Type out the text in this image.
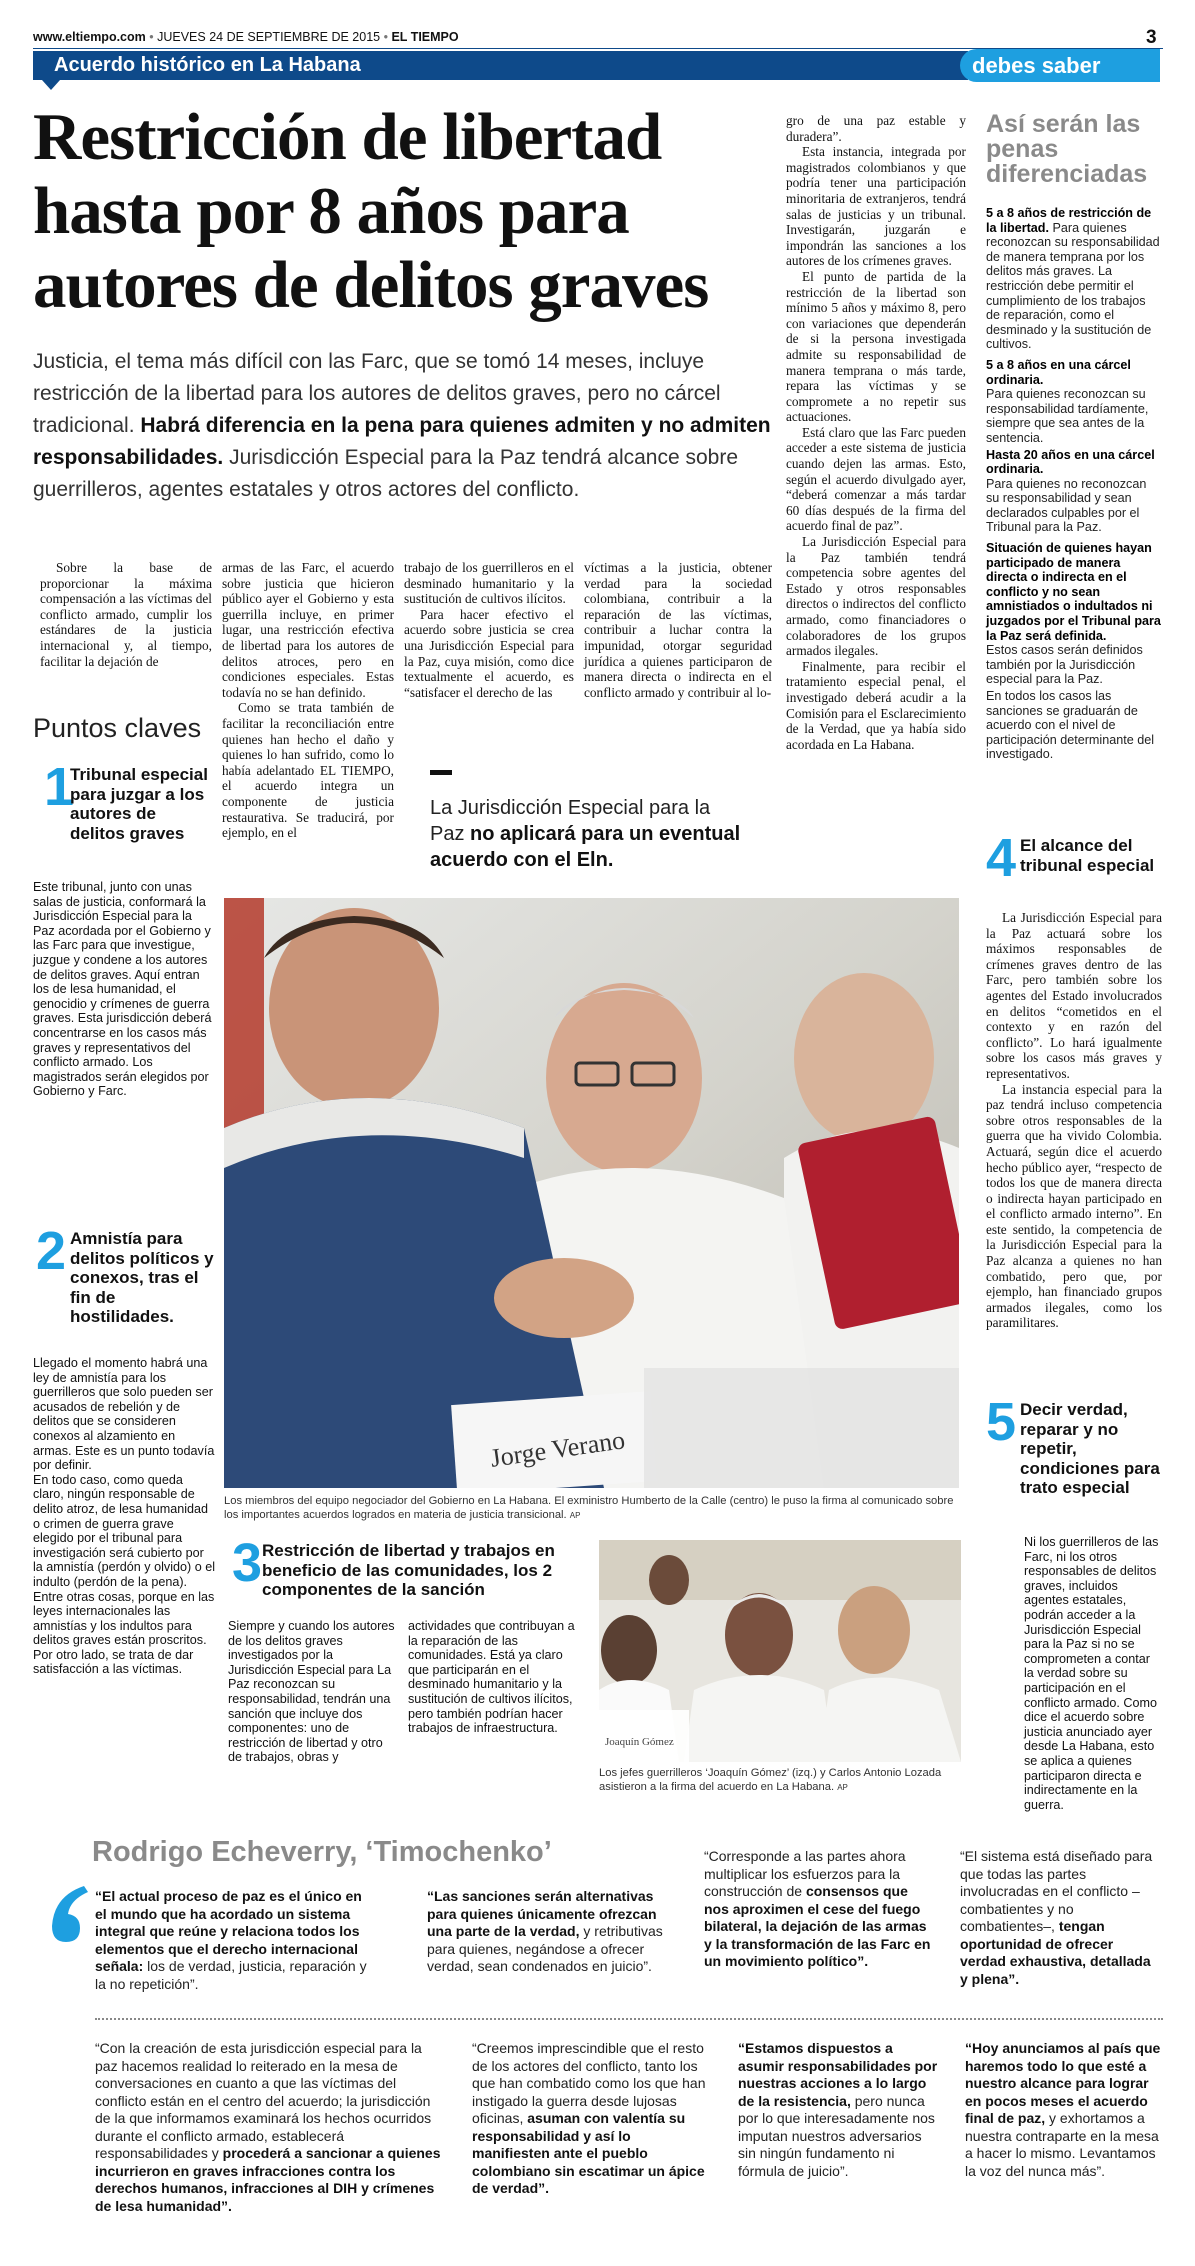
www.eltiempo.com • JUEVES 24 DE SEPTIEMBRE DE 2015 • EL TIEMPO	3
Acuerdo histórico en La Habana	debes saber
Restricción de libertad
hasta por 8 años para
autores de delitos graves
Justicia, el tema más difícil con las Farc, que se tomó 14 meses, incluye restricción de la libertad para los autores de delitos graves, pero no cárcel tradicional. Habrá diferencia en la pena para quienes admiten y no admiten responsabilidades. Jurisdicción Especial para la Paz tendrá alcance sobre guerrilleros, agentes estatales y otros actores del conflicto.

Sobre la base de proporcionar la máxima compensación a las víctimas del conflicto armado, cumplir los estándares de la justicia internacional y, al tiempo, facilitar la dejación de

armas de las Farc, el acuerdo sobre justicia que hicieron público ayer el Gobierno y esta guerrilla incluye, en primer lugar, una restricción efectiva de libertad para los autores de delitos atroces, pero en condiciones especiales. Estas todavía no se han definido.

Como se trata también de facilitar la reconciliación entre quienes han hecho el daño y quienes lo han sufrido, como lo había adelantado EL TIEMPO, el acuerdo integra un componente de justicia restaurativa. Se traducirá, por ejemplo, en el

trabajo de los guerrilleros en el desminado humanitario y la sustitución de cultivos ilícitos.

Para hacer efectivo el acuerdo sobre justicia se crea una Jurisdicción Especial para la Paz, cuya misión, como dice textualmente el acuerdo, es “satisfacer el derecho de las

víctimas a la justicia, obtener verdad para la sociedad colombiana, contribuir a la reparación de las víctimas, contribuir a luchar contra la impunidad, otorgar seguridad jurídica a quienes participaron de manera directa o indirecta en el conflicto armado y contribuir al lo-

gro de una paz estable y duradera”.

Esta instancia, integrada por magistrados colombianos y que podría tener una participación minoritaria de extranjeros, tendrá salas de justicias y un tribunal. Investigarán, juzgarán e impondrán las sanciones a los autores de los crímenes graves.

El punto de partida de la restricción de la libertad son mínimo 5 años y máximo 8, pero con variaciones que dependerán de si la persona investigada admite su responsabilidad de manera temprana o más tarde, repara las víctimas y se compromete a no repetir sus actuaciones.

Está claro que las Farc pueden acceder a este sistema de justicia cuando dejen las armas. Esto, según el acuerdo divulgado ayer, “deberá comenzar a más tardar 60 días después de la firma del acuerdo final de paz”.

La Jurisdicción Especial para la Paz también tendrá competencia sobre agentes del Estado y otros responsables directos o indirectos del conflicto armado, como financiadores o colaboradores de los grupos armados ilegales.

Finalmente, para recibir el tratamiento especial penal, el investigado deberá acudir a la Comisión para el Esclarecimiento de la Verdad, que ya había sido acordada en La Habana.

La Jurisdicción Especial para la Paz no aplicará para un eventual acuerdo con el Eln.
Puntos claves
1
Tribunal especial para juzgar a los autores de delitos graves

Este tribunal, junto con unas salas de justicia, conformará la Jurisdicción Especial para la Paz acordada por el Gobierno y las Farc para que investigue, juzgue y condene a los autores de delitos graves. Aquí entran los de lesa humanidad, el genocidio y crímenes de guerra graves. Esta jurisdicción deberá concentrarse en los casos más graves y representativos del conflicto armado. Los magistrados serán elegidos por Gobierno y Farc.

2 Amnistía para delitos políticos y conexos, tras el fin de hostilidades.

Llegado el momento habrá una ley de amnistía para los guerrilleros que solo pueden ser acusados de rebelión y de delitos que se consideren conexos al alzamiento en armas. Este es un punto todavía por definir.

En todo caso, como queda claro, ningún responsable de delito atroz, de lesa humanidad o crimen de guerra grave elegido por el tribunal para investigación será cubierto por la amnistía (perdón y olvido) o el indulto (perdón de la pena). Entre otras cosas, porque en las leyes internacionales las amnistías y los indultos para delitos graves están proscritos. Por otro lado, se trata de dar satisfacción a las víctimas.

Jorge Verano
Los miembros del equipo negociador del Gobierno en La Habana. El exministro Humberto de la Calle (centro) le puso la firma al comunicado sobre los importantes acuerdos logrados en materia de justicia transicional. AP
3 Restricción de libertad y trabajos en beneficio de las comunidades, los 2 componentes de la sanción

Siempre y cuando los autores de los delitos graves investigados por la Jurisdicción Especial para La Paz reconozcan su responsabilidad, tendrán una sanción que incluye dos componentes: uno de restricción de libertad y otro de trabajos, obras y

actividades que contribuyan a la reparación de las comunidades. Está ya claro que participarán en el desminado humanitario y la sustitución de cultivos ilícitos, pero también podrían hacer trabajos de infraestructura.

Joaquín Gómez
Los jefes guerrilleros ‘Joaquín Gómez’ (izq.) y Carlos Antonio Lozada asistieron a la firma del acuerdo en La Habana. AP
Así serán las penas diferenciadas

5 a 8 años de restricción de la libertad. Para quienes reconozcan su responsabilidad de manera temprana por los delitos más graves. La restricción debe permitir el cumplimiento de los trabajos de reparación, como el desminado y la sustitución de cultivos.

5 a 8 años en una cárcel ordinaria.
Para quienes reconozcan su responsabilidad tardíamente, siempre que sea antes de la sentencia.

Hasta 20 años en una cárcel ordinaria.
Para quienes no reconozcan su responsabilidad y sean declarados culpables por el Tribunal para la Paz.

Situación de quienes hayan participado de manera directa o indirecta en el conflicto y no sean amnistiados o indultados ni juzgados por el Tribunal para la Paz será definida.
Estos casos serán definidos también por la Jurisdicción especial para la Paz.

En todos los casos las sanciones se graduarán de acuerdo con el nivel de participación determinante del investigado.

4 El alcance del tribunal especial

La Jurisdicción Especial para la Paz actuará sobre los máximos responsables de crímenes graves dentro de las Farc, pero también sobre los agentes del Estado involucrados en delitos “cometidos en el contexto y en razón del conflicto”. Lo hará igualmente sobre los casos más graves y representativos.

La instancia especial para la paz tendrá incluso competencia sobre otros responsables de la guerra que ha vivido Colombia. Actuará, según dice el acuerdo hecho público ayer, “respecto de todos los que de manera directa o indirecta hayan participado en el conflicto armado interno”. En este sentido, la competencia de la Jurisdicción Especial para la Paz alcanza a quienes no han combatido, pero que, por ejemplo, han financiado grupos armados ilegales, como los paramilitares.

5 Decir verdad, reparar y no repetir, condiciones para trato especial

Ni los guerrilleros de las Farc, ni los otros responsables de delitos graves, incluidos agentes estatales, podrán acceder a la Jurisdicción Especial para la Paz si no se comprometen a contar la verdad sobre su participación en el conflicto armado. Como dice el acuerdo sobre justicia anunciado ayer desde La Habana, esto se aplica a quienes participaron directa e indirectamente en la guerra.

Rodrigo Echeverry, ‘Timochenko’
“El actual proceso de paz es el único en el mundo que ha acordado un sistema integral que reúne y relaciona todos los elementos que el derecho internacional señala: los de verdad, justicia, reparación y la no repetición”.
“Las sanciones serán alternativas para quienes únicamente ofrezcan una parte de la verdad, y retributivas para quienes, negándose a ofrecer verdad, sean condenados en juicio”.
“Corresponde a las partes ahora multiplicar los esfuerzos para la construcción de consensos que nos aproximen el cese del fuego bilateral, la dejación de las armas y la transformación de las Farc en un movimiento político”.
“El sistema está diseñado para que todas las partes involucradas en el conflicto –combatientes y no combatientes–, tengan oportunidad de ofrecer verdad exhaustiva, detallada y plena”.
“Con la creación de esta jurisdicción especial para la paz hacemos realidad lo reiterado en la mesa de conversaciones en cuanto a que las víctimas del conflicto están en el centro del acuerdo; la jurisdicción de la que informamos examinará los hechos ocurridos durante el conflicto armado, establecerá responsabilidades y procederá a sancionar a quienes incurrieron en graves infracciones contra los derechos humanos, infracciones al DIH y crímenes de lesa humanidad”.
“Creemos imprescindible que el resto de los actores del conflicto, tanto los que han combatido como los que han instigado la guerra desde lujosas oficinas, asuman con valentía su responsabilidad y así lo manifiesten ante el pueblo colombiano sin escatimar un ápice de verdad”.
“Estamos dispuestos a asumir responsabilidades por nuestras acciones a lo largo de la resistencia, pero nunca por lo que interesadamente nos imputan nuestros adversarios sin ningún fundamento ni fórmula de juicio”.
“Hoy anunciamos al país que haremos todo lo que esté a nuestro alcance para lograr en pocos meses el acuerdo final de paz, y exhortamos a nuestra contraparte en la mesa a hacer lo mismo. Levantamos la voz del nunca más”.
